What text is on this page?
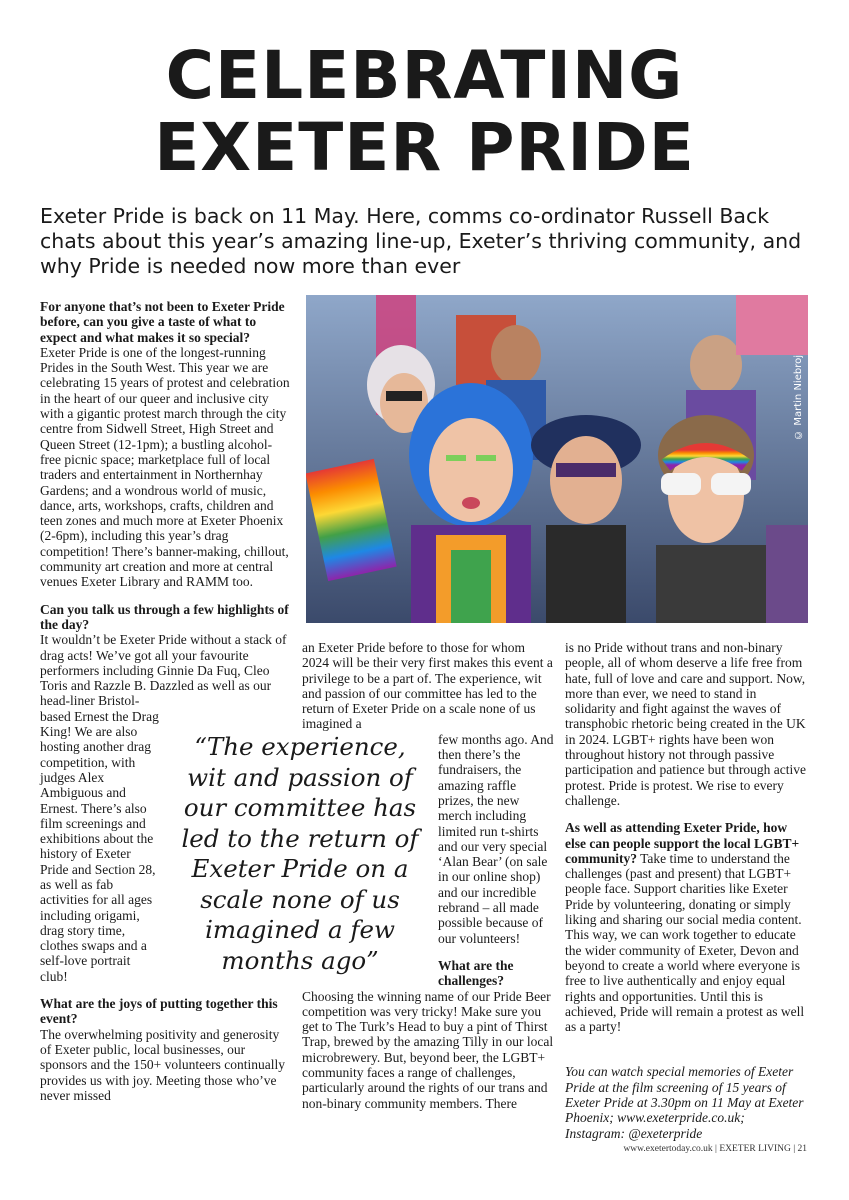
CELEBRATING
EXETER PRIDE
Exeter Pride is back on 11 May. Here, comms co-ordinator Russell Back chats about this year’s amazing line-up, Exeter’s thriving community, and why Pride is needed now more than ever
For anyone that’s not been to Exeter Pride before, can you give a taste of what to expect and what makes it so special?
Exeter Pride is one of the longest-running Prides in the South West. This year we are celebrating 15 years of protest and celebration in the heart of our queer and inclusive city with a gigantic protest march through the city centre from Sidwell Street, High Street and Queen Street (12-1pm); a bustling alcohol-free picnic space; marketplace full of local traders and entertainment in Northernhay Gardens; and a wondrous world of music, dance, arts, workshops, crafts, children and teen zones and much more at Exeter Phoenix (2-6pm), including this year’s drag competition! There’s banner-making, chillout, community art creation and more at central venues Exeter Library and RAMM too.
Can you talk us through a few highlights of the day?
It wouldn’t be Exeter Pride without a stack of drag acts! We’ve got all your favourite performers including Ginnie Da Fuq, Cleo Toris and Razzle B. Dazzled as well as our
head-liner Bristol-based Ernest the Drag King! We are also hosting another drag competition, with judges Alex Ambiguous and Ernest. There’s also film screenings and exhibitions about the history of Exeter Pride and Section 28, as well as fab activities for all ages including origami, drag story time, clothes swaps and a self-love portrait club!
What are the joys of putting together this event?
The overwhelming positivity and generosity of Exeter public, local businesses, our sponsors and the 150+ volunteers continually provides us with joy. Meeting those who’ve never missed
© Martin Niebroj
an Exeter Pride before to those for whom 2024 will be their very first makes this event a privilege to be a part of. The experience, wit and passion of our committee has led to the return of Exeter Pride on a scale none of us imagined a
few months ago. And then there’s the fundraisers, the amazing raffle prizes, the new merch including limited run t-shirts and our very special ‘Alan Bear’ (on sale in our online shop) and our incredible rebrand – all made possible because of our volunteers!
What are the challenges?
Choosing the winning name of our Pride Beer competition was very tricky! Make sure you get to The Turk’s Head to buy a pint of Thirst Trap, brewed by the amazing Tilly in our local microbrewery. But, beyond beer, the LGBT+ community faces a range of challenges, particularly around the rights of our trans and non-binary community members. There
“The experience, wit and passion of our committee has led to the return of Exeter Pride on a scale none of us imagined a few months ago”
is no Pride without trans and non-binary people, all of whom deserve a life free from hate, full of love and care and support. Now, more than ever, we need to stand in solidarity and fight against the waves of transphobic rhetoric being created in the UK in 2024. LGBT+ rights have been won throughout history not through passive participation and patience but through active protest. Pride is protest. We rise to every challenge.
As well as attending Exeter Pride, how else can people support the local LGBT+ community? Take time to understand the challenges (past and present) that LGBT+ people face. Support charities like Exeter Pride by volunteering, donating or simply liking and sharing our social media content. This way, we can work together to educate the wider community of Exeter, Devon and beyond to create a world where everyone is free to live authentically and enjoy equal rights and opportunities. Until this is achieved, Pride will remain a protest as well as a party!
You can watch special memories of Exeter Pride at the film screening of 15 years of Exeter Pride at 3.30pm on 11 May at Exeter Phoenix; www.exeterpride.co.uk; Instagram: @exeterpride
www.exetertoday.co.uk | EXETER LIVING | 21
